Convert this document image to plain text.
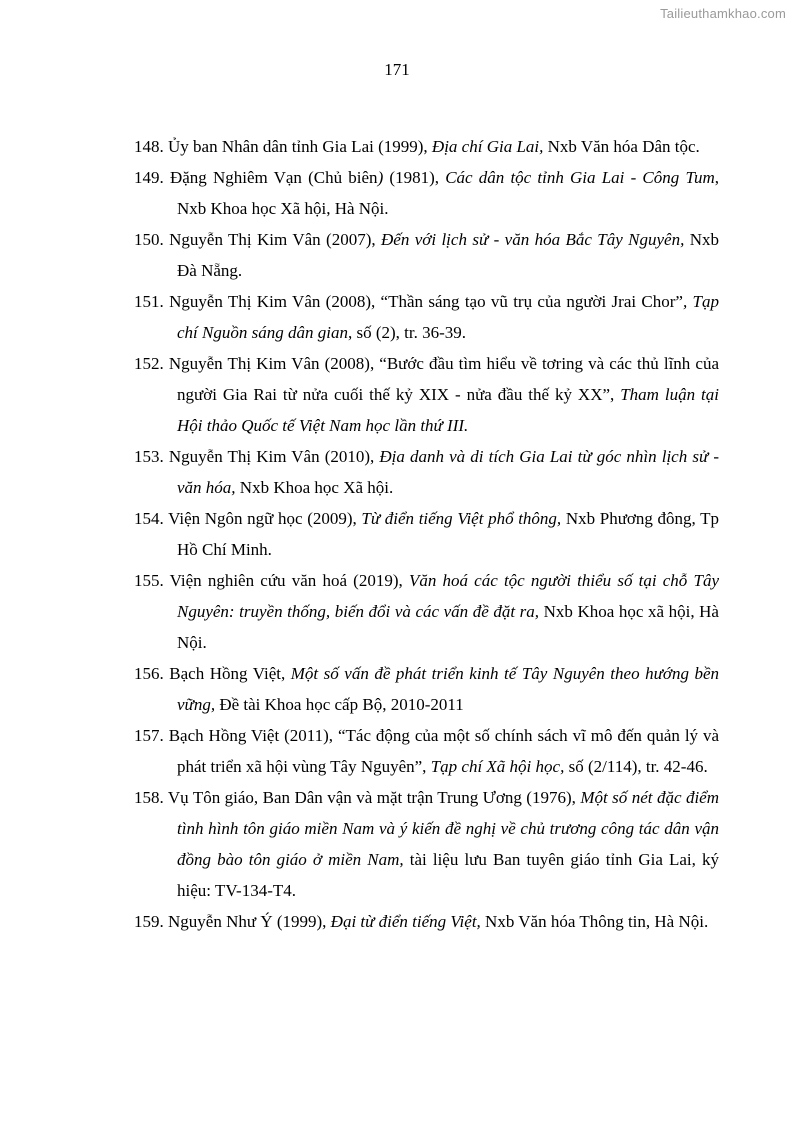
Tailieuthamkhao.com
171
148. Ủy ban Nhân dân tỉnh Gia Lai (1999), Địa chí Gia Lai, Nxb Văn hóa Dân tộc.
149. Đặng Nghiêm Vạn (Chủ biên) (1981), Các dân tộc tỉnh Gia Lai - Công Tum, Nxb Khoa học Xã hội, Hà Nội.
150. Nguyễn Thị Kim Vân (2007), Đến với lịch sử - văn hóa Bắc Tây Nguyên, Nxb Đà Nẵng.
151. Nguyễn Thị Kim Vân (2008), “Thần sáng tạo vũ trụ của người Jrai Chor”, Tạp chí Nguồn sáng dân gian, số (2), tr. 36-39.
152. Nguyễn Thị Kim Vân (2008), “Bước đầu tìm hiểu về tơring và các thủ lĩnh của người Gia Rai từ nửa cuối thế kỷ XIX - nửa đầu thế kỷ XX”, Tham luận tại Hội thảo Quốc tế Việt Nam học lần thứ III.
153. Nguyễn Thị Kim Vân (2010), Địa danh và di tích Gia Lai từ góc nhìn lịch sử - văn hóa, Nxb Khoa học Xã hội.
154. Viện Ngôn ngữ học (2009), Từ điển tiếng Việt phổ thông, Nxb Phương đông, Tp Hồ Chí Minh.
155. Viện nghiên cứu văn hoá (2019), Văn hoá các tộc người thiểu số tại chỗ Tây Nguyên: truyền thống, biến đổi và các vấn đề đặt ra, Nxb Khoa học xã hội, Hà Nội.
156. Bạch Hồng Việt, Một số vấn đề phát triển kinh tế Tây Nguyên theo hướng bền vững, Đề tài Khoa học cấp Bộ, 2010-2011
157. Bạch Hồng Việt (2011), “Tác động của một số chính sách vĩ mô đến quản lý và phát triển xã hội vùng Tây Nguyên”, Tạp chí Xã hội học, số (2/114), tr. 42-46.
158. Vụ Tôn giáo, Ban Dân vận và mặt trận Trung Ương (1976), Một số nét đặc điểm tình hình tôn giáo miền Nam và ý kiến đề nghị về chủ trương công tác dân vận đồng bào tôn giáo ở miền Nam, tài liệu lưu Ban tuyên giáo tỉnh Gia Lai, ký hiệu: TV-134-T4.
159. Nguyễn Như Ý (1999), Đại từ điển tiếng Việt, Nxb Văn hóa Thông tin, Hà Nội.
